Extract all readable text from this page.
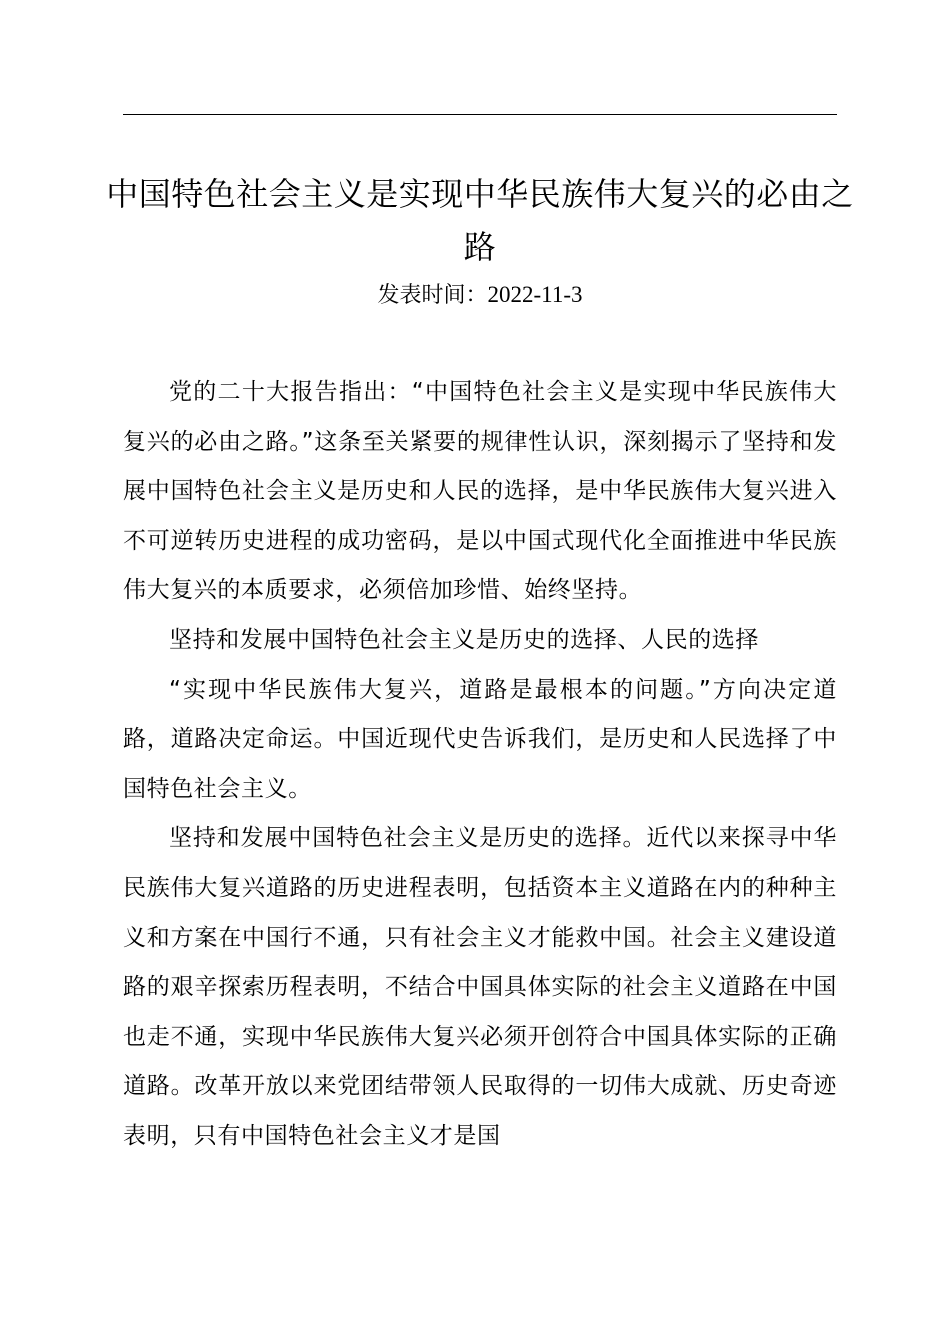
中国特色社会主义是实现中华民族伟大复兴的必由之路
发表时间：2022-11-3

党的二十大报告指出：“中国特色社会主义是实现中华民族伟大复兴的必由之路。”这条至关紧要的规律性认识，深刻揭示了坚持和发展中国特色社会主义是历史和人民的选择，是中华民族伟大复兴进入不可逆转历史进程的成功密码，是以中国式现代化全面推进中华民族伟大复兴的本质要求，必须倍加珍惜、始终坚持。

坚持和发展中国特色社会主义是历史的选择、人民的选择

“实现中华民族伟大复兴，道路是最根本的问题。”方向决定道路，道路决定命运。中国近现代史告诉我们，是历史和人民选择了中国特色社会主义。

坚持和发展中国特色社会主义是历史的选择。近代以来探寻中华民族伟大复兴道路的历史进程表明，包括资本主义道路在内的种种主义和方案在中国行不通，只有社会主义才能救中国。社会主义建设道路的艰辛探索历程表明，不结合中国具体实际的社会主义道路在中国也走不通，实现中华民族伟大复兴必须开创符合中国具体实际的正确道路。改革开放以来党团结带领人民取得的一切伟大成就、历史奇迹表明，只有中国特色社会主义才是国
